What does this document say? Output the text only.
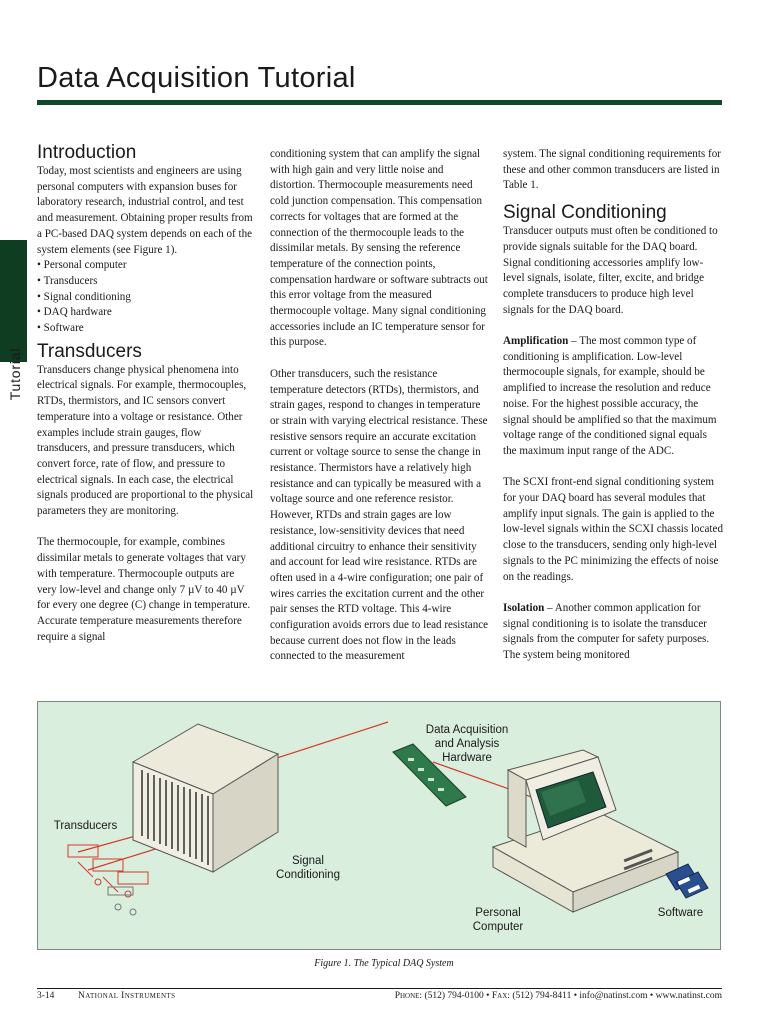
Data Acquisition Tutorial
Tutorial
Introduction

Today, most scientists and engineers are using personal computers with expansion buses for laboratory research, industrial control, and test and measurement. Obtaining proper results from a PC-based DAQ system depends on each of the system elements (see Figure 1).

• Personal computer
• Transducers
• Signal conditioning
• DAQ hardware
• Software
Transducers

Transducers change physical phenomena into electrical signals. For example, thermocouples, RTDs, thermistors, and IC sensors convert temperature into a voltage or resistance. Other examples include strain gauges, flow transducers, and pressure transducers, which convert force, rate of flow, and pressure to electrical signals. In each case, the electrical signals produced are proportional to the physical parameters they are monitoring.

The thermocouple, for example, combines dissimilar metals to generate voltages that vary with temperature. Thermocouple outputs are very low-level and change only 7 µV to 40 µV for every one degree (C) change in temperature. Accurate temperature measurements therefore require a signal

conditioning system that can amplify the signal with high gain and very little noise and distortion. Thermocouple measurements need cold junction compensation. This compensation corrects for voltages that are formed at the connection of the thermocouple leads to the dissimilar metals. By sensing the reference temperature of the connection points, compensation hardware or software subtracts out this error voltage from the measured thermocouple voltage. Many signal conditioning accessories include an IC temperature sensor for this purpose.

Other transducers, such the resistance temperature detectors (RTDs), thermistors, and strain gages, respond to changes in temperature or strain with varying electrical resistance. These resistive sensors require an accurate excitation current or voltage source to sense the change in resistance. Thermistors have a relatively high resistance and can typically be measured with a voltage source and one reference resistor. However, RTDs and strain gages are low resistance, low-sensitivity devices that need additional circuitry to enhance their sensitivity and account for lead wire resistance. RTDs are often used in a 4-wire configuration; one pair of wires carries the excitation current and the other pair senses the RTD voltage. This 4-wire configuration avoids errors due to lead resistance because current does not flow in the leads connected to the measurement

system. The signal conditioning requirements for these and other common transducers are listed in Table 1.

Signal Conditioning

Transducer outputs must often be conditioned to provide signals suitable for the DAQ board. Signal conditioning accessories amplify low-level signals, isolate, filter, excite, and bridge complete transducers to produce high level signals for the DAQ board.

Amplification – The most common type of conditioning is amplification. Low-level thermocouple signals, for example, should be amplified to increase the resolution and reduce noise. For the highest possible accuracy, the signal should be amplified so that the maximum voltage range of the conditioned signal equals the maximum input range of the ADC.

The SCXI front-end signal conditioning system for your DAQ board has several modules that amplify input signals. The gain is applied to the low-level signals within the SCXI chassis located close to the transducers, sending only high-level signals to the PC minimizing the effects of noise on the readings.

Isolation – Another common application for signal conditioning is to isolate the transducer signals from the computer for safety purposes. The system being monitored

Data Acquisition
and Analysis
Hardware
Transducers
Signal
Conditioning
Personal
Computer
Software
Figure 1. The Typical DAQ System
3-14 National Instruments	Phone: (512) 794-0100 • Fax: (512) 794-8411 • info@natinst.com • www.natinst.com
